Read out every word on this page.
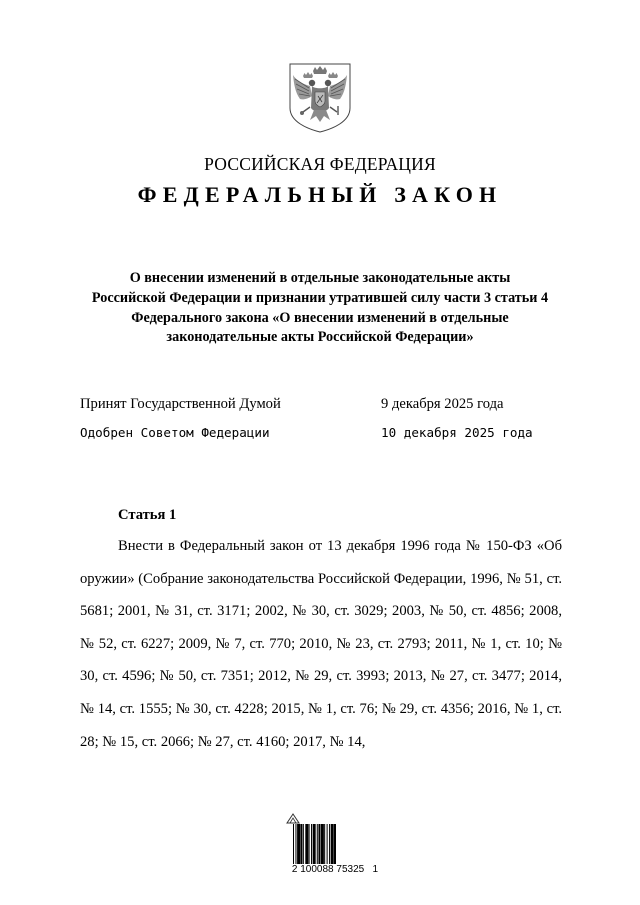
РОССИЙСКАЯ ФЕДЕРАЦИЯ
ФЕДЕРАЛЬНЫЙ ЗАКОН
О внесении изменений в отдельные законодательные акты
Российской Федерации и признании утратившей силу части 3 статьи 4
Федерального закона «О внесении изменений в отдельные
законодательные акты Российской Федерации»
Принят Государственной Думой	9 декабря 2025 года
Одобрен Советом Федерации	10 декабря 2025 года
Статья 1

Внести в Федеральный закон от 13 декабря 1996 года № 150-ФЗ «Об оружии» (Собрание законодательства Российской Федерации, 1996, № 51, ст. 5681; 2001, № 31, ст. 3171; 2002, № 30, ст. 3029; 2003, № 50, ст. 4856; 2008, № 52, ст. 6227; 2009, № 7, ст. 770; 2010, № 23, ст. 2793; 2011, № 1, ст. 10; № 30, ст. 4596; № 50, ст. 7351; 2012, № 29, ст. 3993; 2013, № 27, ст. 3477; 2014, № 14, ст. 1555; № 30, ст. 4228; 2015, № 1, ст. 76; № 29, ст. 4356; 2016, № 1, ст. 28; № 15, ст. 2066; № 27, ст. 4160; 2017, № 14,

2 100088 75325   1
